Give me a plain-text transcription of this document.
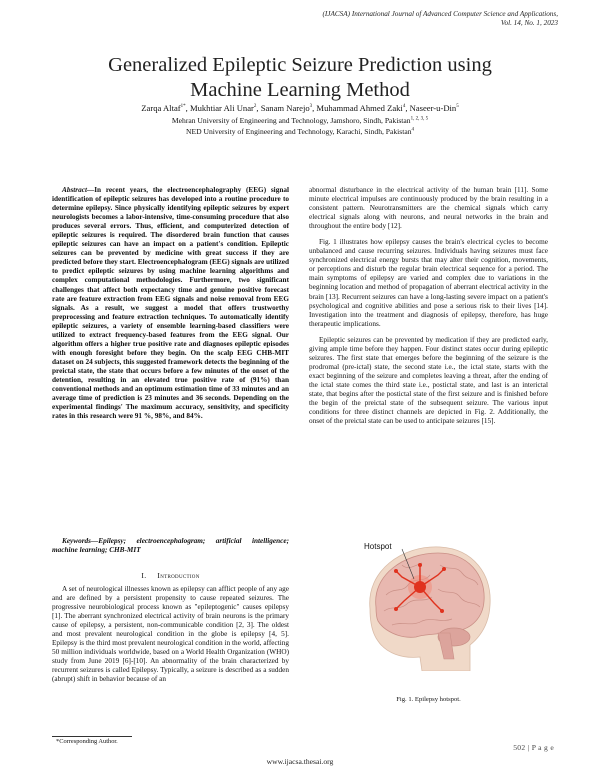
(IJACSA) International Journal of Advanced Computer Science and Applications,
Vol. 14, No. 1, 2023
Generalized Epileptic Seizure Prediction using
Machine Learning Method
Zarqa Altaf$^{1*}$, Mukhtiar Ali Unar$^2$, Sanam Narejo$^3$, Muhammad Ahmed Zaki$^4$, Naseer-u-Din$^5$
Mehran University of Engineering and Technology, Jamshoro, Sindh, Pakistan$^{1, 2, 3, 5}$
NED University of Engineering and Technology, Karachi, Sindh, Pakistan$^4$

Abstract—In recent years, the electroencephalography (EEG) signal identification of epileptic seizures has developed into a routine procedure to determine epilepsy. Since physically identifying epileptic seizures by expert neurologists becomes a labor-intensive, time-consuming procedure that also produces several errors. Thus, efficient, and computerized detection of epileptic seizures is required. The disordered brain function that causes epileptic seizures can have an impact on a patient's condition. Epileptic seizures can be prevented by medicine with great success if they are predicted before they start. Electroencephalogram (EEG) signals are utilized to predict epileptic seizures by using machine learning algorithms and complex computational methodologies. Furthermore, two significant challenges that affect both expectancy time and genuine positive forecast rate are feature extraction from EEG signals and noise removal from EEG signals. As a result, we suggest a model that offers trustworthy preprocessing and feature extraction techniques. To automatically identify epileptic seizures, a variety of ensemble learning-based classifiers were utilized to extract frequency-based features from the EEG signal. Our algorithm offers a higher true positive rate and diagnoses epileptic episodes with enough foresight before they begin. On the scalp EEG CHB-MIT dataset on 24 subjects, this suggested framework detects the beginning of the preictal state, the state that occurs before a few minutes of the onset of the detention, resulting in an elevated true positive rate of (91%) than conventional methods and an optimum estimation time of 33 minutes and an average time of prediction is 23 minutes and 36 seconds. Depending on the experimental findings' The maximum accuracy, sensitivity, and specificity rates in this research were 91 %, 98%, and 84%.

Keywords—Epilepsy; electroencephalogram; artificial intelligence; machine learning; CHB-MIT

I. Introduction

A set of neurological illnesses known as epilepsy can afflict people of any age and are defined by a persistent propensity to cause repeated seizures. The progressive neurobiological process known as "epileptogenic" causes epilepsy [1]. The aberrant synchronized electrical activity of brain neurons is the primary cause of epilepsy, a persistent, non-communicable condition [2, 3]. The oldest and most prevalent neurological condition in the globe is epilepsy [4, 5]. Epilepsy is the third most prevalent neurological condition in the world, affecting 50 million individuals worldwide, based on a World Health Organization (WHO) study from June 2019 [6]-[10]. An abnormality of the brain characterized by recurrent seizures is called Epilepsy. Typically, a seizure is described as a sudden (abrupt) shift in behavior because of an

*Corresponding Author.

abnormal disturbance in the electrical activity of the human brain [11]. Some minute electrical impulses are continuously produced by the brain resulting in a consistent pattern. Neurotransmitters are the chemical signals which carry electrical signals along with neurons, and neural networks in the brain and throughout the entire body [12].

Fig. 1 illustrates how epilepsy causes the brain's electrical cycles to become unbalanced and cause recurring seizures. Individuals having seizures must face synchronized electrical energy bursts that may alter their cognition, movements, or perceptions and disturb the regular brain electrical sequence for a period. The main symptoms of epilepsy are varied and complex due to variations in the beginning location and method of propagation of aberrant electrical activity in the brain [13]. Recurrent seizures can have a long-lasting severe impact on a patient's psychological and cognitive abilities and pose a serious risk to their lives [14]. Investigation into the treatment and diagnosis of epilepsy, therefore, has huge therapeutic implications.

Epileptic seizures can be prevented by medication if they are predicted early, giving ample time before they happen. Four distinct states occur during epileptic seizures. The first state that emerges before the beginning of the seizure is the prodromal (pre-ictal) state, the second state i.e., the ictal state, starts with the exact beginning of the seizure and completes leaving a threat, after the ending of the ictal state comes the third state i.e., postictal state, and last is an interictal state, that begins after the postictal state of the first seizure and is finished before the begin of the preictal state of the subsequent seizure. The various input conditions for three distinct channels are depicted in Fig. 2. Additionally, the onset of the preictal state can be used to anticipate seizures [15].

Hotspot
Fig. 1. Epilepsy hotspot.
502 | P a g e
www.ijacsa.thesai.org
